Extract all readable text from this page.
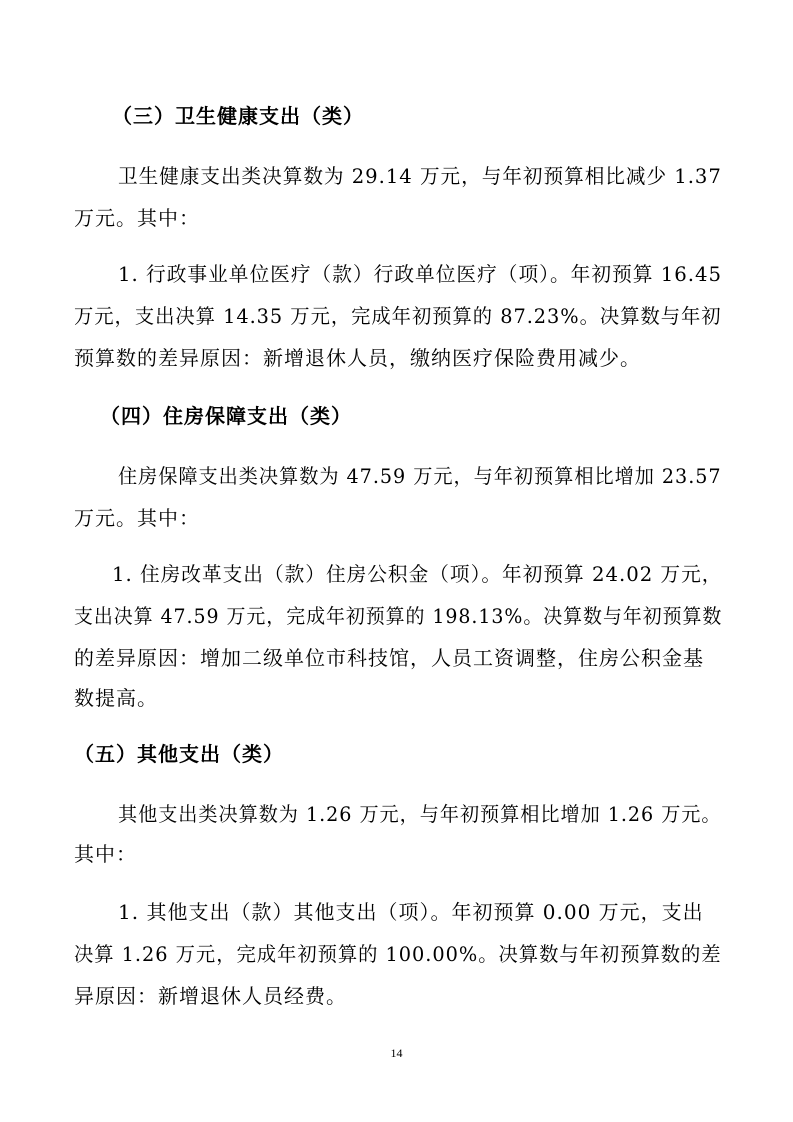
（三）卫生健康支出（类）
卫生健康支出类决算数为 29.14 万元，与年初预算相比减少 1.37
万元。其中：
1. 行政事业单位医疗（款）行政单位医疗（项）。年初预算 16.45
万元，支出决算 14.35 万元，完成年初预算的 87.23%。决算数与年初
预算数的差异原因：新增退休人员，缴纳医疗保险费用减少。
（四）住房保障支出（类）
住房保障支出类决算数为 47.59 万元，与年初预算相比增加 23.57
万元。其中：
1. 住房改革支出（款）住房公积金（项）。年初预算 24.02 万元，
支出决算 47.59 万元，完成年初预算的 198.13%。决算数与年初预算数
的差异原因：增加二级单位市科技馆，人员工资调整，住房公积金基
数提高。
（五）其他支出（类）
其他支出类决算数为 1.26 万元，与年初预算相比增加 1.26 万元。
其中：
1. 其他支出（款）其他支出（项）。年初预算 0.00 万元，支出
决算 1.26 万元，完成年初预算的 100.00%。决算数与年初预算数的差
异原因：新增退休人员经费。
14
